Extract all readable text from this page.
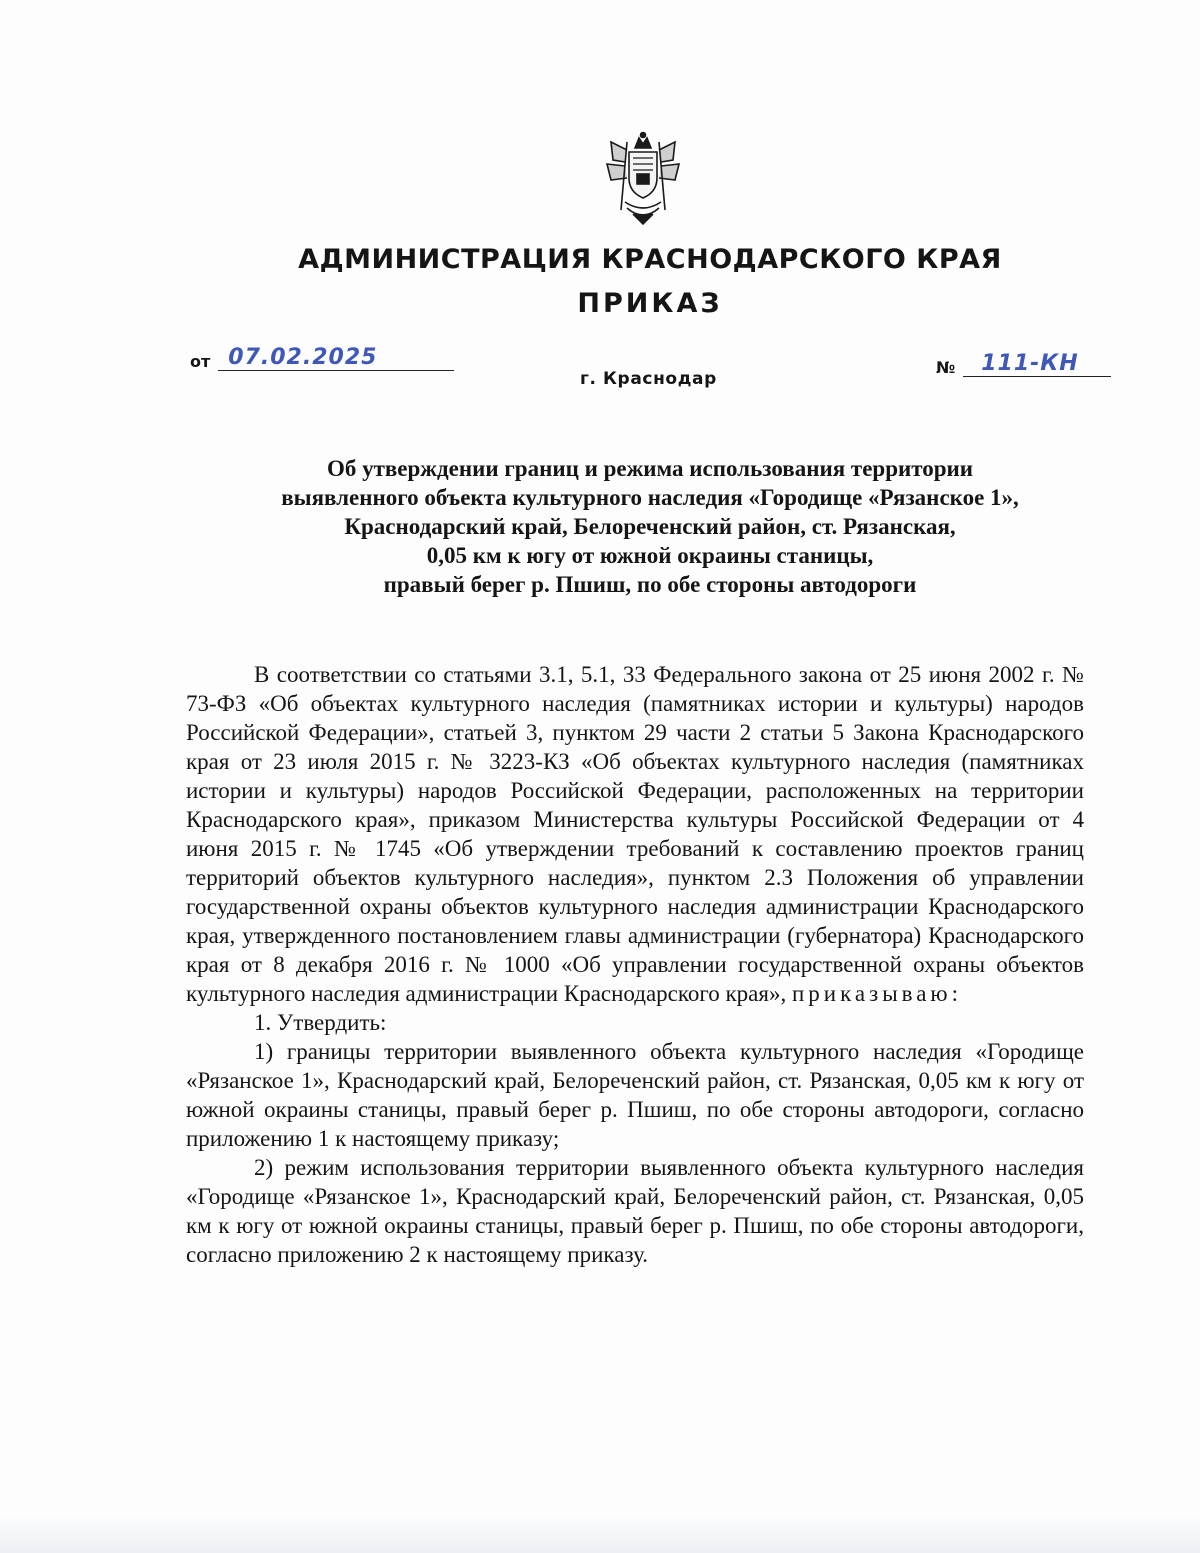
АДМИНИСТРАЦИЯ КРАСНОДАРСКОГО КРАЯ
ПРИКАЗ
от 07.02.2025
г. Краснодар
№ 111-КН
Об утверждении границ и режима использования территории
выявленного объекта культурного наследия «Городище «Рязанское 1»,
Краснодарский край, Белореченский район, ст. Рязанская,
0,05 км к югу от южной окраины станицы,
правый берег р. Пшиш, по обе стороны автодороги

В соответствии со статьями 3.1, 5.1, 33 Федерального закона от 25 июня 2002 г. № 73-ФЗ «Об объектах культурного наследия (памятниках истории и культуры) народов Российской Федерации», статьей 3, пунктом 29 части 2 статьи 5 Закона Краснодарского края от 23 июля 2015 г. № 3223-КЗ «Об объектах культурного наследия (памятниках истории и культуры) народов Российской Федерации, расположенных на территории Краснодарского края», приказом Министерства культуры Российской Федерации от 4 июня 2015 г. № 1745 «Об утверждении требований к составлению проектов границ территорий объектов культурного наследия», пунктом 2.3 Положения об управлении государственной охраны объектов культурного наследия администрации Краснодарского края, утвержденного постановлением главы администрации (губернатора) Краснодарского края от 8 декабря 2016 г. № 1000 «Об управлении государственной охраны объектов культурного наследия администрации Краснодарского края», приказываю:

1. Утвердить:

1) границы территории выявленного объекта культурного наследия «Городище «Рязанское 1», Краснодарский край, Белореченский район, ст. Рязанская, 0,05 км к югу от южной окраины станицы, правый берег р. Пшиш, по обе стороны автодороги, согласно приложению 1 к настоящему приказу;

2) режим использования территории выявленного объекта культурного наследия «Городище «Рязанское 1», Краснодарский край, Белореченский район, ст. Рязанская, 0,05 км к югу от южной окраины станицы, правый берег р. Пшиш, по обе стороны автодороги, согласно приложению 2 к настоящему приказу.
